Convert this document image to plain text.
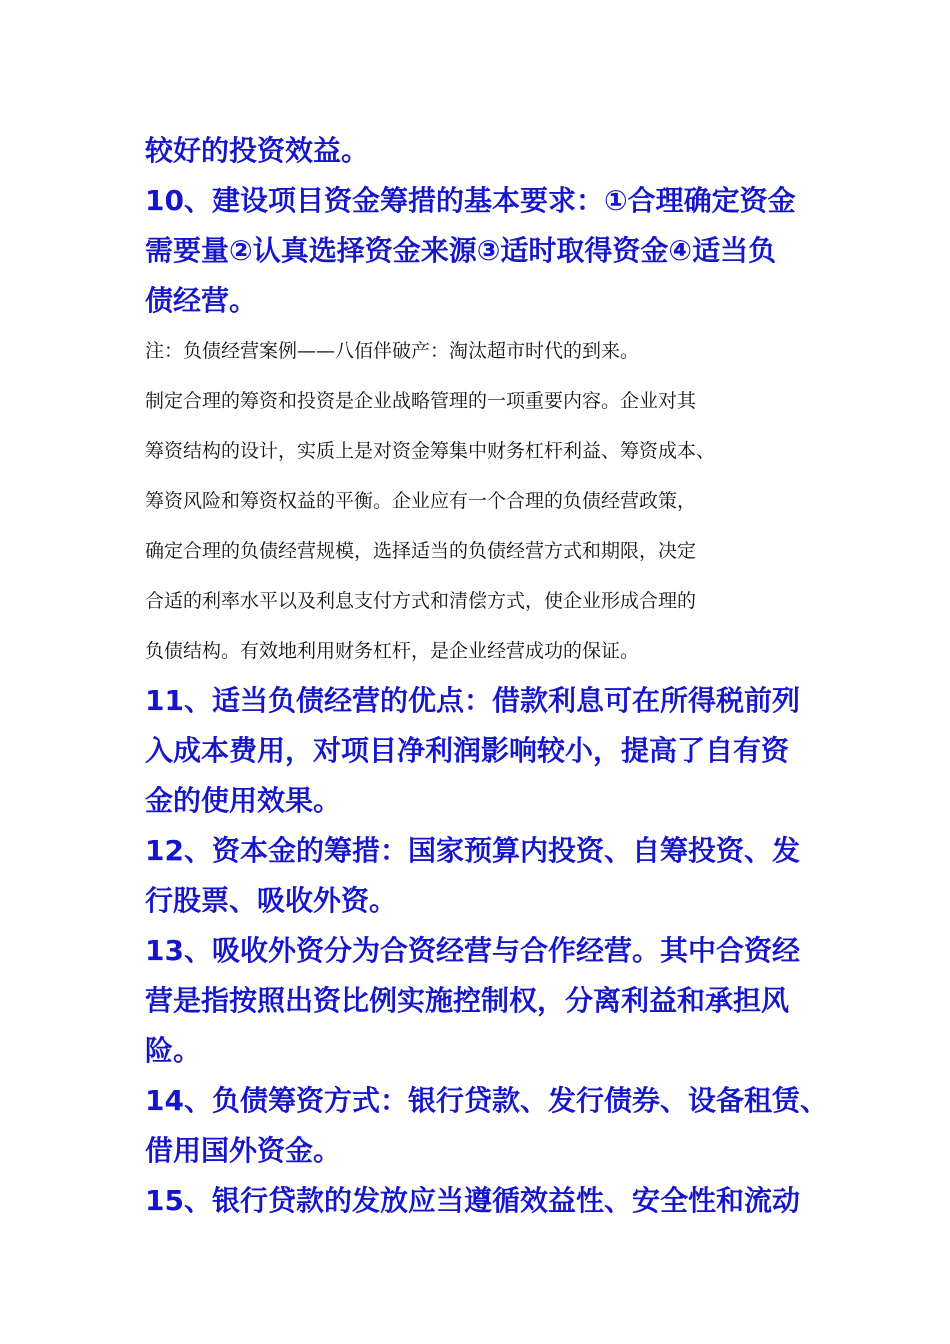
较好的投资效益。

10、建设项目资金筹措的基本要求：①合理确定资金
需要量②认真选择资金来源③适时取得资金④适当负
债经营。

注：负债经营案例——八佰伴破产：淘汰超市时代的到来。

制定合理的筹资和投资是企业战略管理的一项重要内容。企业对其
筹资结构的设计，实质上是对资金筹集中财务杠杆利益、筹资成本、
筹资风险和筹资权益的平衡。企业应有一个合理的负债经营政策，
确定合理的负债经营规模，选择适当的负债经营方式和期限，决定
合适的利率水平以及利息支付方式和清偿方式，使企业形成合理的
负债结构。有效地利用财务杠杆，是企业经营成功的保证。

11、适当负债经营的优点：借款利息可在所得税前列
入成本费用，对项目净利润影响较小，提高了自有资
金的使用效果。

12、资本金的筹措：国家预算内投资、自筹投资、发
行股票、吸收外资。

13、吸收外资分为合资经营与合作经营。其中合资经
营是指按照出资比例实施控制权，分离利益和承担风
险。

14、负债筹资方式：银行贷款、发行债券、设备租赁、
借用国外资金。

15、银行贷款的发放应当遵循效益性、安全性和流动
